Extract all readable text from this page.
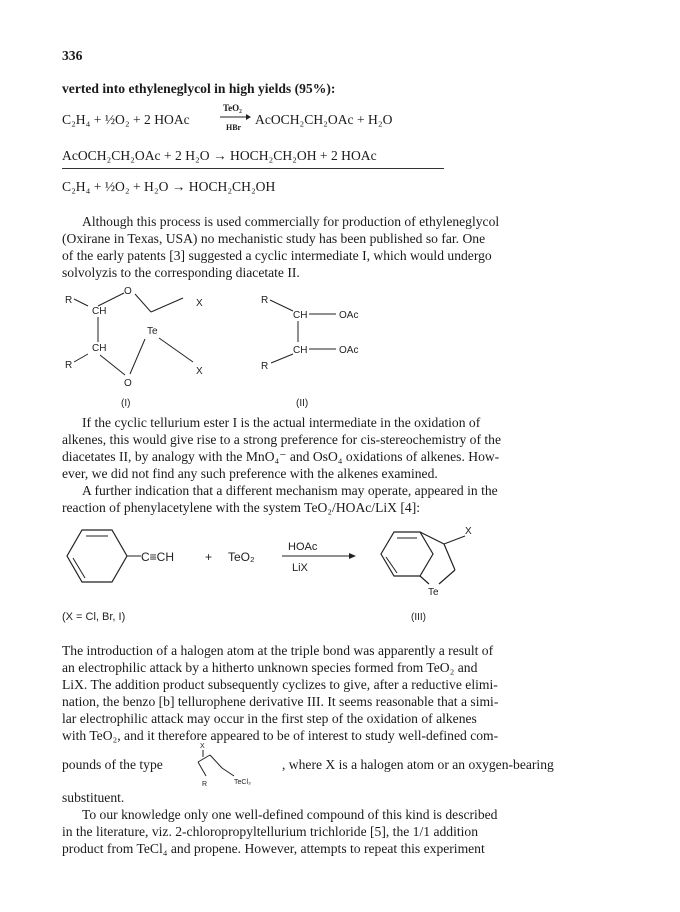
336
verted into ethyleneglycol in high yields (95%):
C₂H₄ + ½O₂ + 2 HOAc
TeO₂
HBr
AcOCH₂CH₂OAc + H₂O
AcOCH₂CH₂OAc + 2 H₂O → HOCH₂CH₂OH + 2 HOAc
C₂H₄ + ½O₂ + H₂O → HOCH₂CH₂OH
Although this process is used commercially for production of ethyleneglycol
(Oxirane in Texas, USA) no mechanistic study has been published so far. One
of the early patents [3] suggested a cyclic intermediate I, which would undergo
solvolyzis to the corresponding diacetate II.
R
CH
O
X
Te
CH
R
O
X
(I)
R
CH	OAc
CH	OAc
R
(II)
If the cyclic tellurium ester I is the actual intermediate in the oxidation of
alkenes, this would give rise to a strong preference for cis-stereochemistry of the
diacetates II, by analogy with the MnO₄⁻ and OsO₄ oxidations of alkenes. How-
ever, we did not find any such preference with the alkenes examined.
A further indication that a different mechanism may operate, appeared in the
reaction of phenylacetylene with the system TeO₂/HOAc/LiX [4]:
C≡CH	+ TeO₂
HOAc
LiX
Te
X
(X = Cl, Br, I)	(III)
The introduction of a halogen atom at the triple bond was apparently a result of
an electrophilic attack by a hitherto unknown species formed from TeO₂ and
LiX. The addition product subsequently cyclizes to give, after a reductive elimi-
nation, the benzo [b] tellurophene derivative III. It seems reasonable that a simi-
lar electrophilic attack may occur in the first step of the oxidation of alkenes
with TeO₂, and it therefore appeared to be of interest to study well-defined com-
pounds of the type
X
R	TeCl₃
, where X is a halogen atom or an oxygen-bearing
substituent.
To our knowledge only one well-defined compound of this kind is described
in the literature, viz. 2-chloropropyltellurium trichloride [5], the 1/1 addition
product from TeCl₄ and propene. However, attempts to repeat this experiment
